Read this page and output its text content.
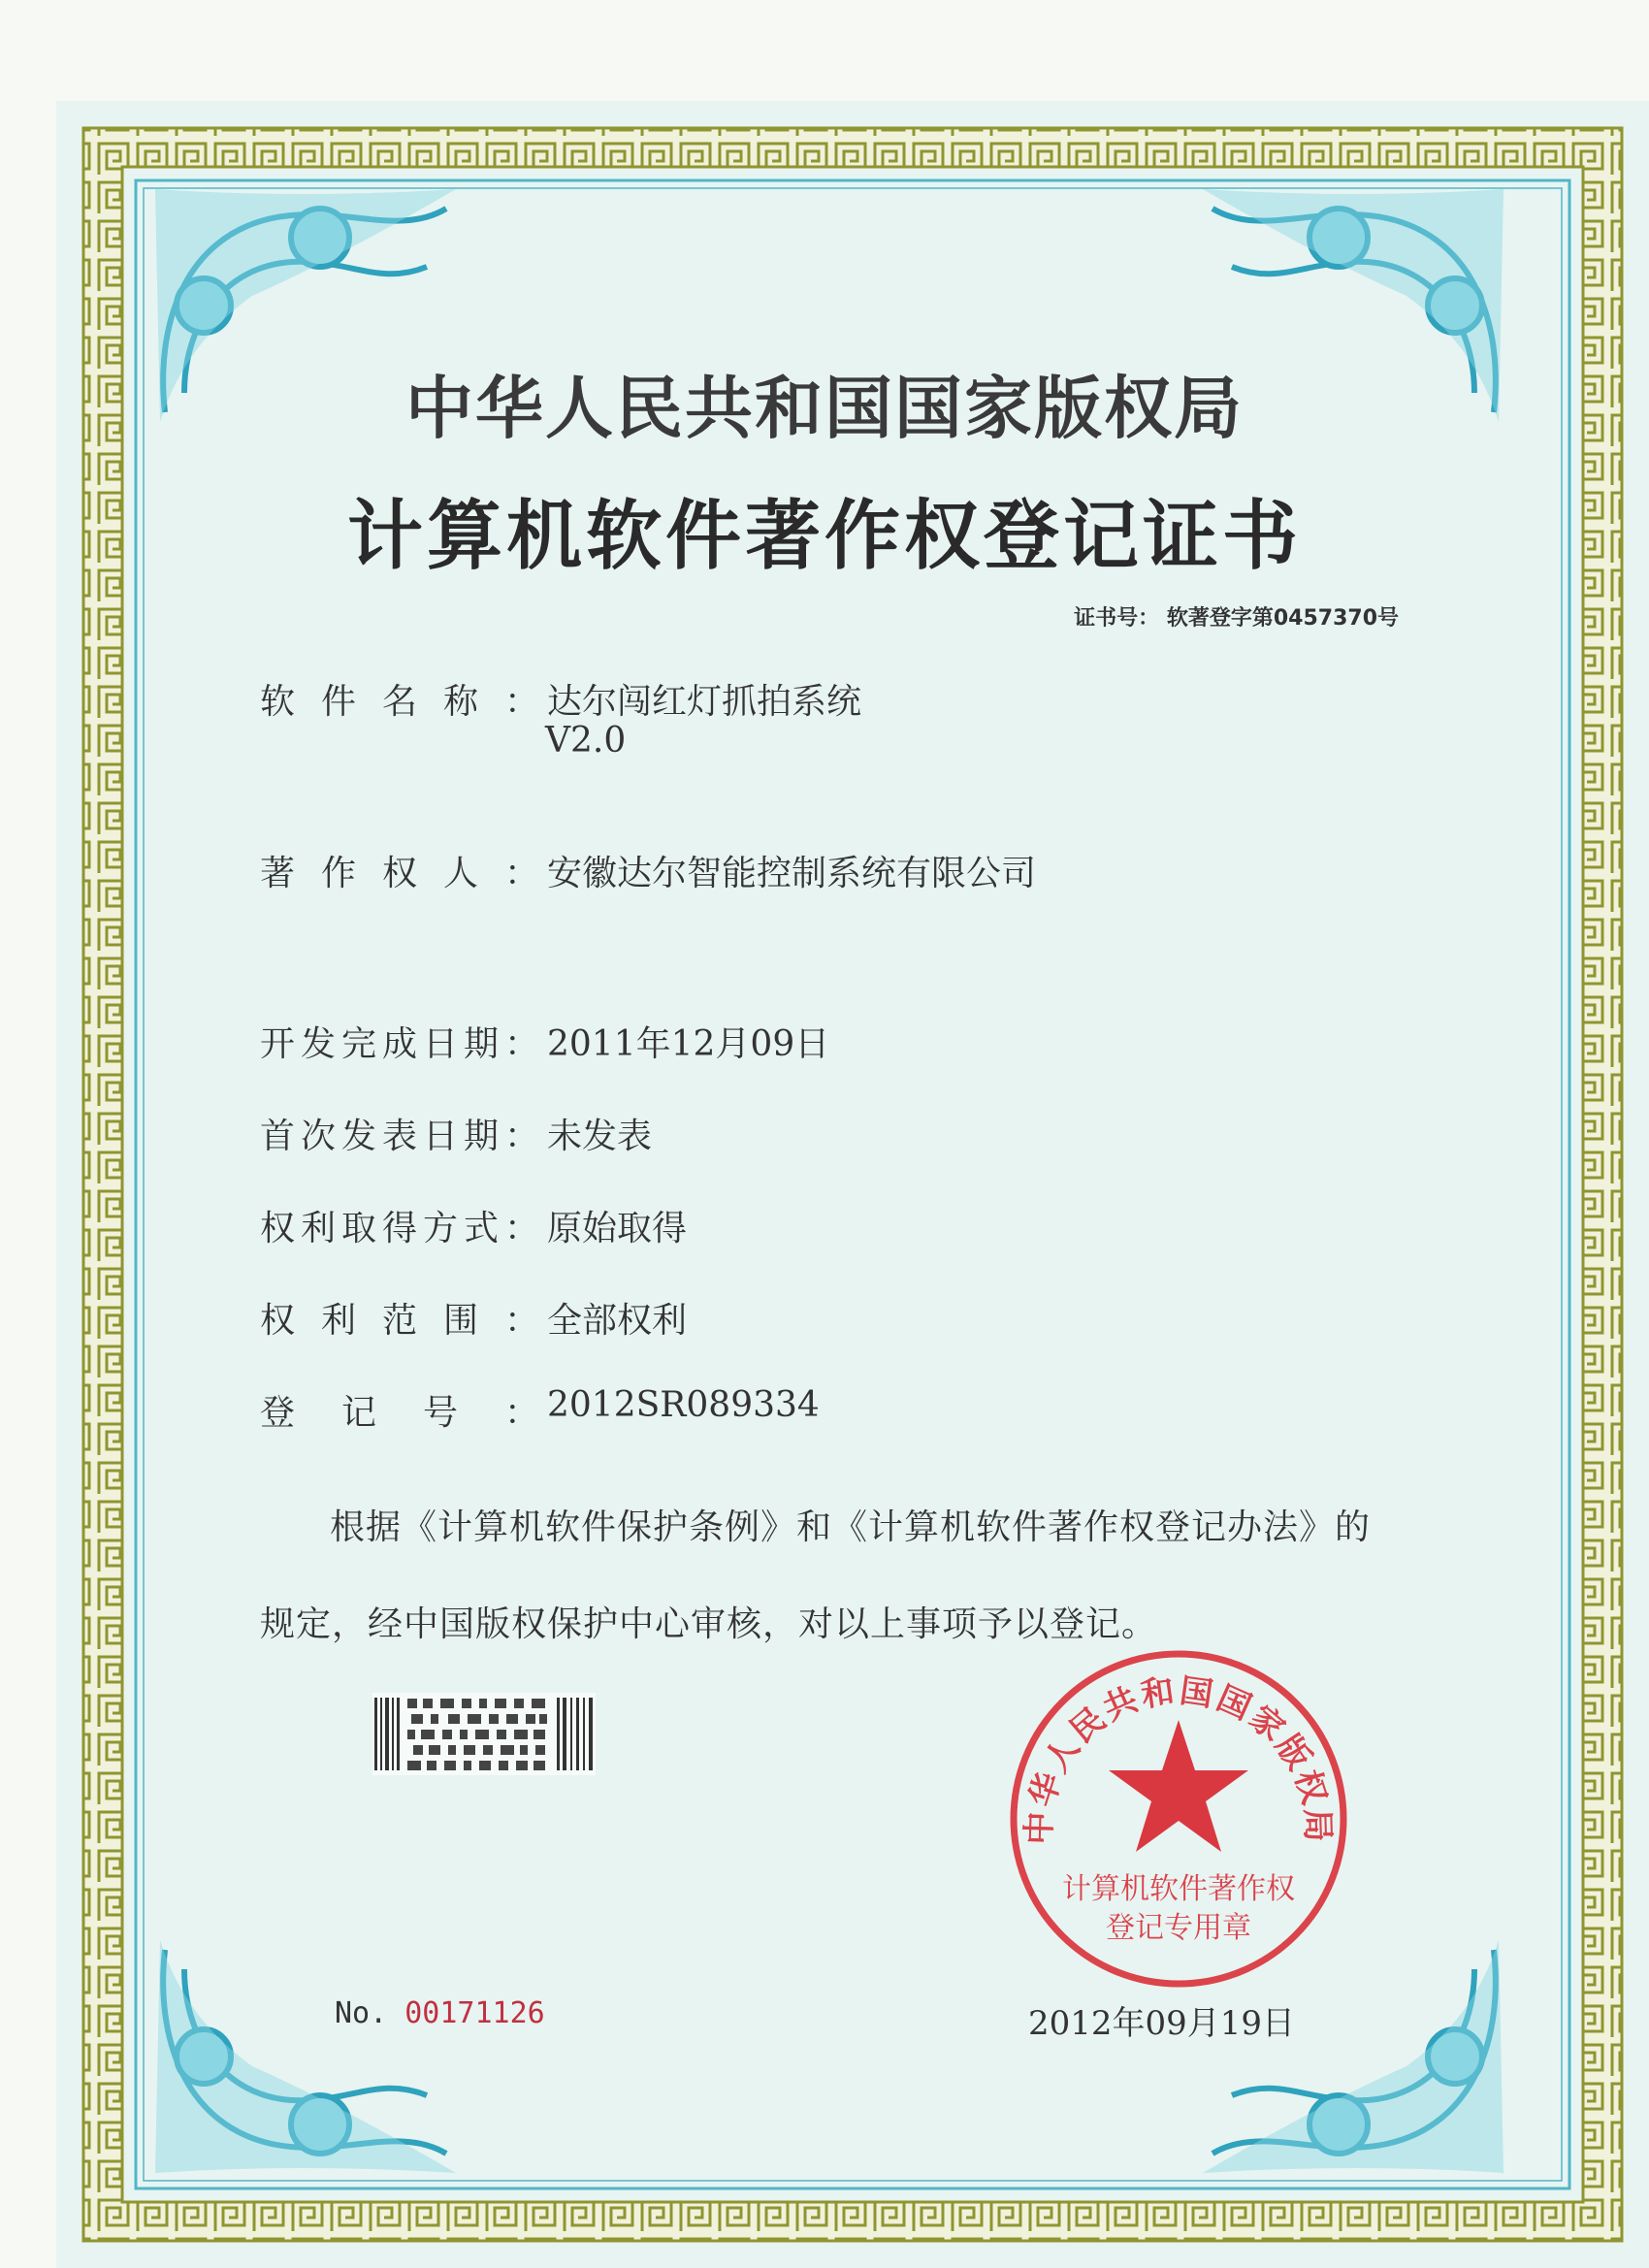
中华人民共和国国家版权局
计算机软件著作权登记证书
证书号： 软著登字第0457370号
软件名称： 达尔闯红灯抓拍系统
V2.0
著作权人： 安徽达尔智能控制系统有限公司
开发完成日期： 2011年12月09日
首次发表日期： 未发表
权利取得方式： 原始取得
权利范围： 全部权利
登记号： 2012SR089334
根据《计算机软件保护条例》和《计算机软件著作权登记办法》的
规定，经中国版权保护中心审核，对以上事项予以登记。
No. 00171126	2012年09月19日
中华人民共和国国家版权局
计算机软件著作权
登记专用章
